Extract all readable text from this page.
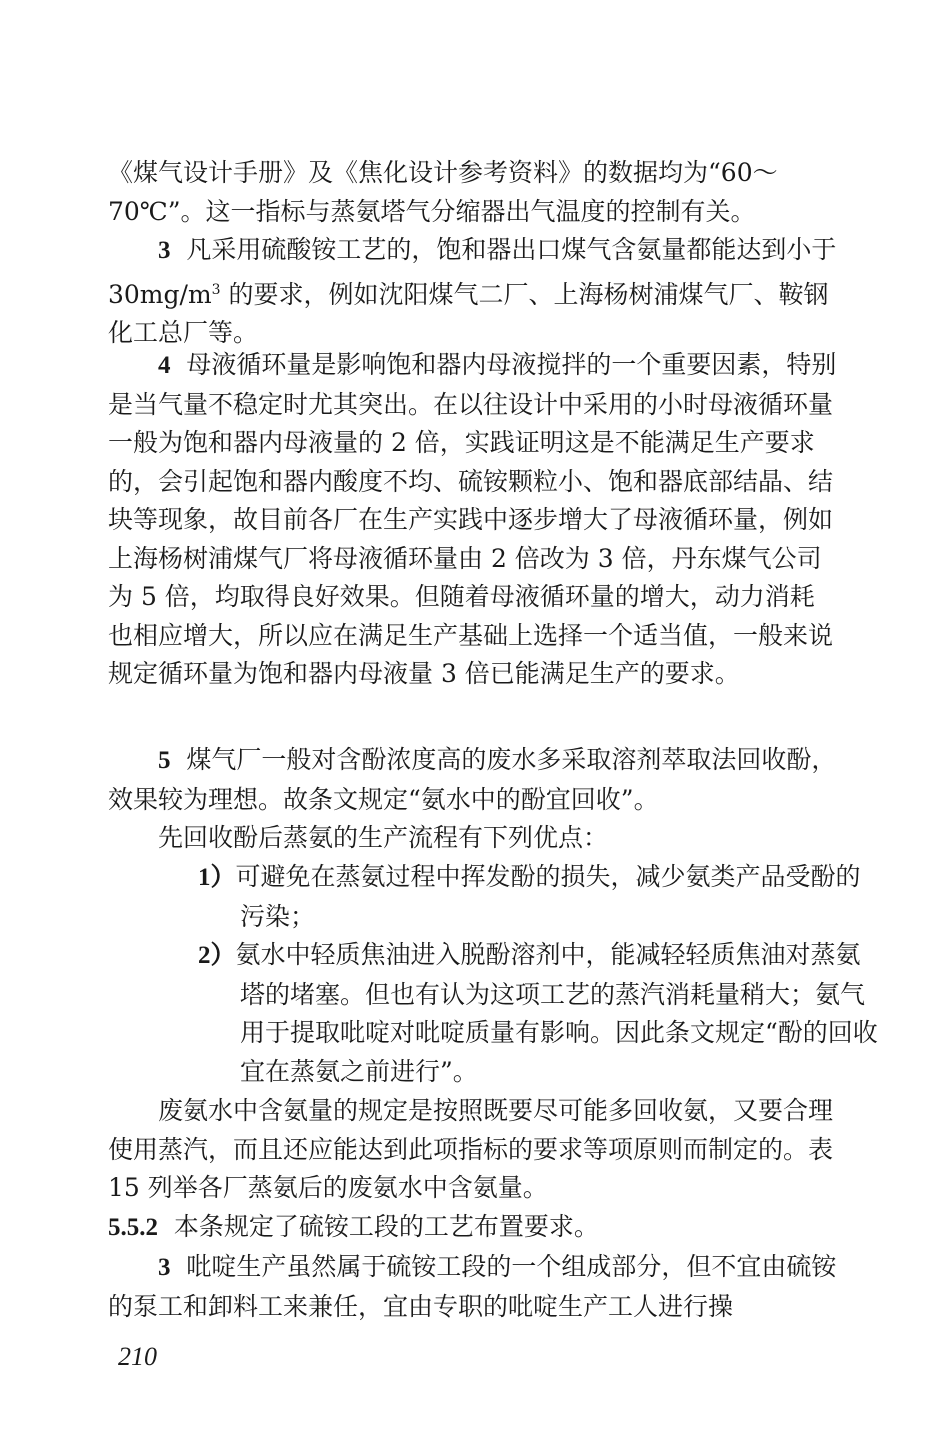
《煤气设计手册》及《焦化设计参考资料》的数据均为“60～70℃”。这一指标与蒸氨塔气分缩器出气温度的控制有关。
3 凡采用硫酸铵工艺的，饱和器出口煤气含氨量都能达到小于 $30mg/m^3$ 的要求，例如沈阳煤气二厂、上海杨树浦煤气厂、鞍钢化工总厂等。
4 母液循环量是影响饱和器内母液搅拌的一个重要因素，特别是当气量不稳定时尤其突出。在以往设计中采用的小时母液循环量一般为饱和器内母液量的 2 倍，实践证明这是不能满足生产要求的，会引起饱和器内酸度不均、硫铵颗粒小、饱和器底部结晶、结块等现象，故目前各厂在生产实践中逐步增大了母液循环量，例如上海杨树浦煤气厂将母液循环量由 2 倍改为 3 倍，丹东煤气公司为 5 倍，均取得良好效果。但随着母液循环量的增大，动力消耗也相应增大，所以应在满足生产基础上选择一个适当值，一般来说规定循环量为饱和器内母液量 3 倍已能满足生产的要求。
5 煤气厂一般对含酚浓度高的废水多采取溶剂萃取法回收酚，效果较为理想。故条文规定“氨水中的酚宜回收”。
先回收酚后蒸氨的生产流程有下列优点：
1）可避免在蒸氨过程中挥发酚的损失，减少氨类产品受酚的污染；
2）氨水中轻质焦油进入脱酚溶剂中，能减轻轻质焦油对蒸氨塔的堵塞。但也有认为这项工艺的蒸汽消耗量稍大；氨气用于提取吡啶对吡啶质量有影响。因此条文规定“酚的回收宜在蒸氨之前进行”。
废氨水中含氨量的规定是按照既要尽可能多回收氨，又要合理使用蒸汽，而且还应能达到此项指标的要求等项原则而制定的。表 15 列举各厂蒸氨后的废氨水中含氨量。
5.5.2 本条规定了硫铵工段的工艺布置要求。
3 吡啶生产虽然属于硫铵工段的一个组成部分，但不宜由硫铵的泵工和卸料工来兼任，宜由专职的吡啶生产工人进行操
210
